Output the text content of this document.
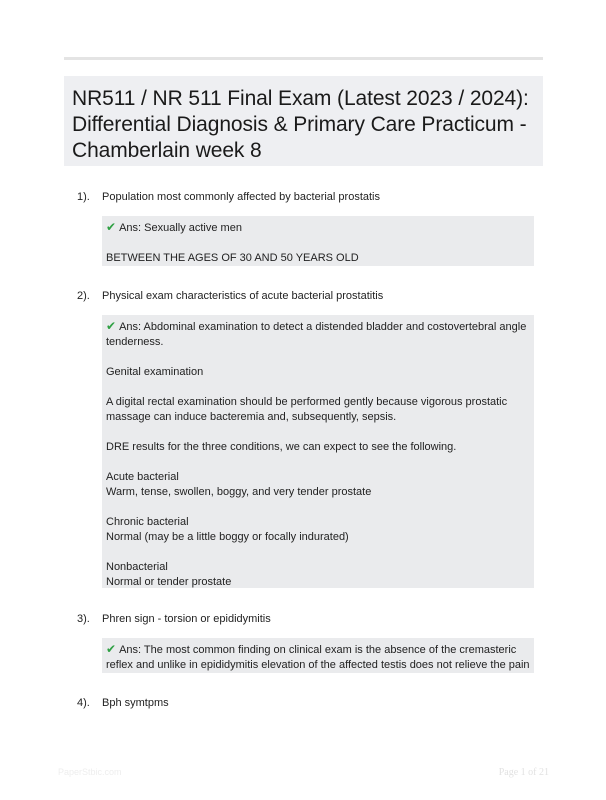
NR511 / NR 511 Final Exam (Latest 2023 / 2024): Differential Diagnosis & Primary Care Practicum - Chamberlain week 8
1). Population most commonly affected by bacterial prostatis

✔ Ans: Sexually active men

BETWEEN THE AGES OF 30 AND 50 YEARS OLD

2). Physical exam characteristics of acute bacterial prostatitis

✔ Ans: Abdominal examination to detect a distended bladder and costovertebral angle tenderness.

Genital examination

A digital rectal examination should be performed gently because vigorous prostatic massage can induce bacteremia and, subsequently, sepsis.

DRE results for the three conditions, we can expect to see the following.

Acute bacterial

Warm, tense, swollen, boggy, and very tender prostate

Chronic bacterial

Normal (may be a little boggy or focally indurated)

Nonbacterial

Normal or tender prostate

3). Phren sign - torsion or epididymitis

✔ Ans: The most common finding on clinical exam is the absence of the cremasteric reflex and unlike in epididymitis elevation of the affected testis does not relieve the pain

4). Bph symtpms
PaperStbic.com	Page 1 of 21
